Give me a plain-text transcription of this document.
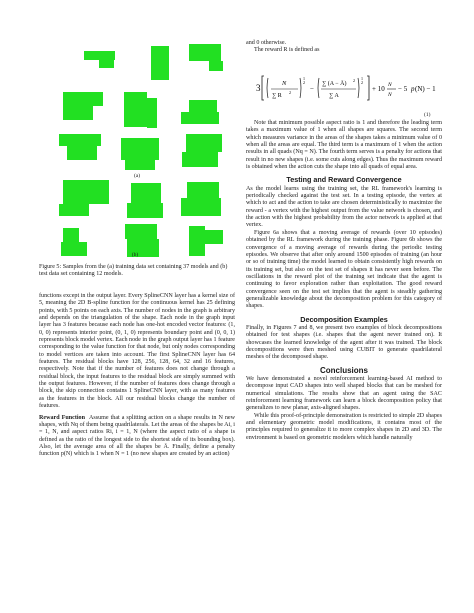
(a)
(b)
Figure 5: Samples from the (a) training data set containing 37 models and (b) test data set containing 12 models.

functions except in the output layer. Every SplineCNN layer has a kernel size of 5, meaning the 2D B-spline function for the continuous kernel has 25 defining points, with 5 points on each axis. The number of nodes in the graph is arbitrary and depends on the triangulation of the shape. Each node in the graph input layer has 3 features because each node has one-hot encoded vector features: (1, 0, 0) represents interior point, (0, 1, 0) represents boundary point and (0, 0, 1) represents block model vertex. Each node in the graph output layer has 1 feature corresponding to the value function for that node, but only nodes corresponding to model vertices are taken into account. The first SplineCNN layer has 64 features. The residual blocks have 128, 256, 128, 64, 32 and 16 features, respectively. Note that if the number of features does not change through a residual block, the input features to the residual block are simply summed with the output features. However, if the number of features does change through a block, the skip connection contains 1 SplineCNN layer, with as many features as the features in the block. All our residual blocks change the number of features.

Reward Function Assume that a splitting action on a shape results in N new shapes, with Nq of them being quadrilaterals. Let the areas of the shapes be Ai, i = 1, N, and aspect ratios Ri, i = 1, N (where the aspect ratio of a shape is defined as the ratio of the longest side to the shortest side of its bounding box). Also, let the average area of all the shapes be Ā. Finally, define a penalty function p(N) which is 1 when N = 1 (no new shapes are created by an action)

and 0 otherwise.

The reward R is defined as

3	N
∑ R
2
1
2
−
∑ (A − Ā)
2
∑ A
1
2
+ 10 N
N
− 5 p (N) − 1
(1)

Note that minimum possible aspect ratio is 1 and therefore the leading term takes a maximum value of 1 when all shapes are squares. The second term which measures variance in the areas of the shapes takes a minimum value of 0 when all the areas are equal. The third term is a maximum of 1 when the action results in all quads (Nq = N). The fourth term serves is a penalty for actions that result in no new shapes (i.e. some cuts along edges). Thus the maximum reward is obtained when the action cuts the shape into all quads of equal area.

Testing and Reward Convergence

As the model learns using the training set, the RL framework's learning is periodically checked against the test set. In a testing episode, the vertex at which to act and the action to take are chosen deterministically to maximize the reward - a vertex with the highest output from the value network is chosen, and the action with the highest probability from the actor network is applied at that vertex.

Figure 6a shows that a moving average of rewards (over 10 episodes) obtained by the RL framework during the training phase. Figure 6b shows the convergence of a moving average of rewards during the periodic testing episodes. We observe that after only around 1500 episodes of training (an hour or so of training time) the model learned to obtain consistently high rewards on its training set, but also on the test set of shapes it has never seen before. The oscillations in the reward plot of the training set indicate that the agent is continuing to favor exploration rather than exploitation. The good reward convergence seen on the test set implies that the agent is steadily gathering generalizable knowledge about the decomposition problem for this category of shapes.

Decomposition Examples

Finally, in Figures 7 and 8, we present two examples of block decompositions obtained for test shapes (i.e. shapes that the agent never trained on). It showcases the learned knowledge of the agent after it was trained. The block decompositions were then meshed using CUBIT to generate quadrilateral meshes of the decomposed shape.

Conclusions

We have demonstrated a novel reinforcement learning-based AI method to decompose input CAD shapes into well shaped blocks that can be meshed for numerical simulations. The results show that an agent using the SAC reinforcement learning framework can learn a block decomposition policy that generalizes to new planar, axis-aligned shapes.

While this proof-of-principle demonstration is restricted to simple 2D shapes and elementary geometric model modifications, it contains most of the principles required to generalize it to more complex shapes in 2D and 3D. The environment is based on geometric modelers which handle naturally
